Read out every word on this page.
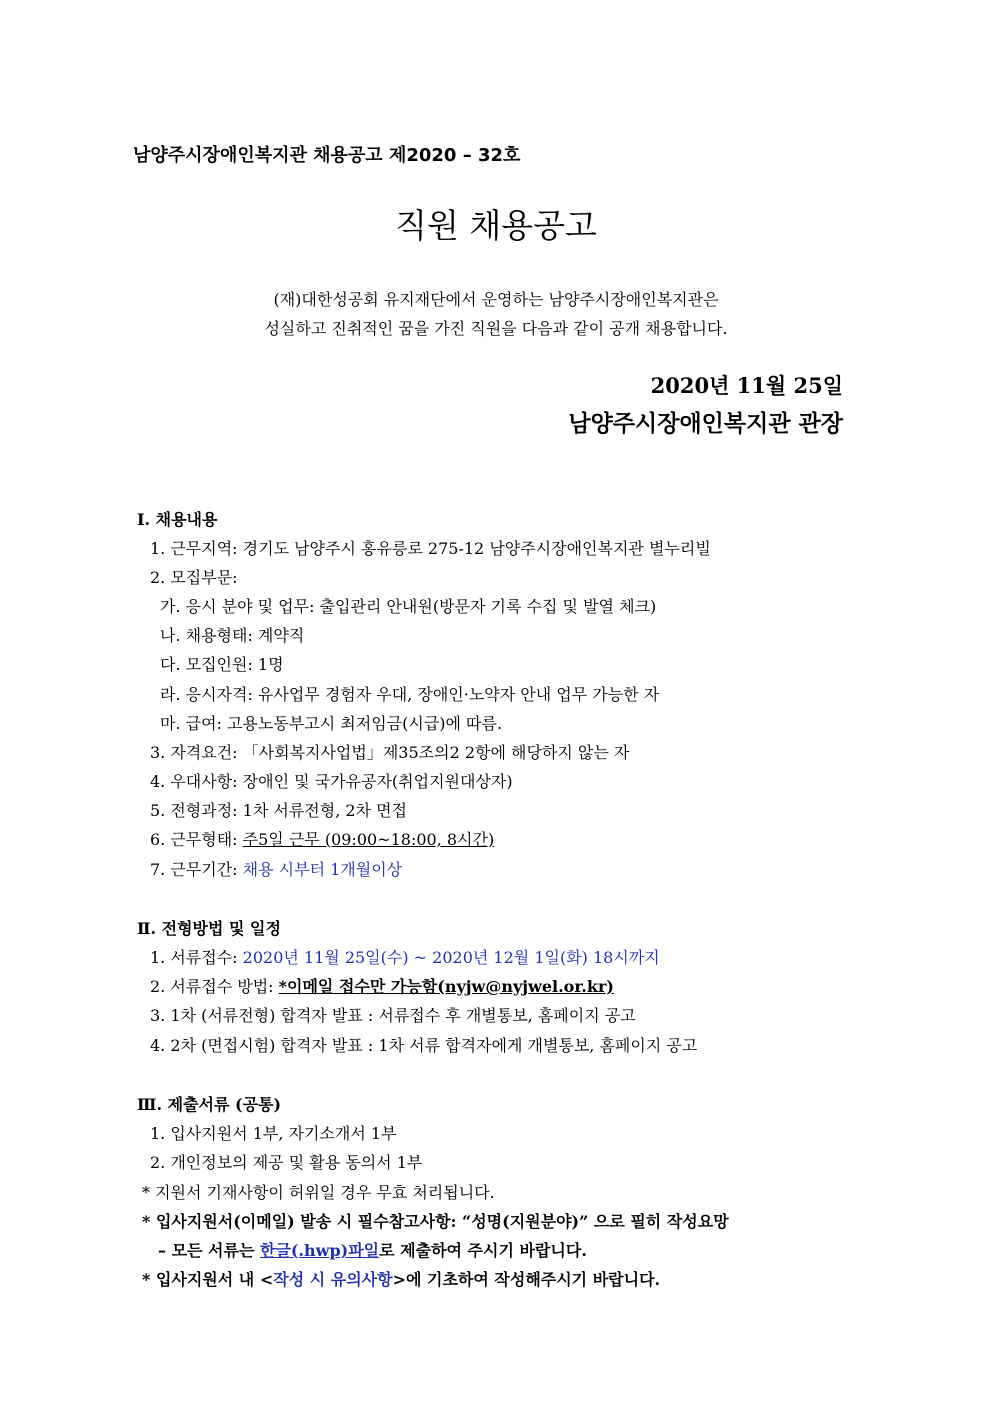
남양주시장애인복지관 채용공고 제2020 – 32호
직원 채용공고
(재)대한성공회 유지재단에서 운영하는 남양주시장애인복지관은
성실하고 진취적인 꿈을 가진 직원을 다음과 같이 공개 채용합니다.
2020년 11월 25일
남양주시장애인복지관 관장
Ⅰ. 채용내용
1. 근무지역: 경기도 남양주시 홍유릉로 275-12 남양주시장애인복지관 별누리빌
2. 모집부문:
가. 응시 분야 및 업무: 출입관리 안내원(방문자 기록 수집 및 발열 체크)
나. 채용형태: 계약직
다. 모집인원: 1명
라. 응시자격: 유사업무 경험자 우대, 장애인·노약자 안내 업무 가능한 자
마. 급여: 고용노동부고시 최저임금(시급)에 따름.
3. 자격요건: 「사회복지사업법」제35조의2 2항에 해당하지 않는 자
4. 우대사항: 장애인 및 국가유공자(취업지원대상자)
5. 전형과정: 1차 서류전형, 2차 면접
6. 근무형태: 주5일 근무 (09:00~18:00, 8시간)
7. 근무기간: 채용 시부터 1개월이상
Ⅱ. 전형방법 및 일정
1. 서류접수: 2020년 11월 25일(수) ~ 2020년 12월 1일(화) 18시까지
2. 서류접수 방법: *이메일 접수만 가능함(nyjw@nyjwel.or.kr)
3. 1차 (서류전형) 합격자 발표 : 서류접수 후 개별통보, 홈페이지 공고
4. 2차 (면접시험) 합격자 발표 : 1차 서류 합격자에게 개별통보, 홈페이지 공고
Ⅲ. 제출서류 (공통)
1. 입사지원서 1부, 자기소개서 1부
2. 개인정보의 제공 및 활용 동의서 1부
* 지원서 기재사항이 허위일 경우 무효 처리됩니다.
* 입사지원서(이메일) 발송 시 필수참고사항: “성명(지원분야)” 으로 필히 작성요망
– 모든 서류는 한글(.hwp)파일로 제출하여 주시기 바랍니다.
* 입사지원서 내 <작성 시 유의사항>에 기초하여 작성해주시기 바랍니다.
